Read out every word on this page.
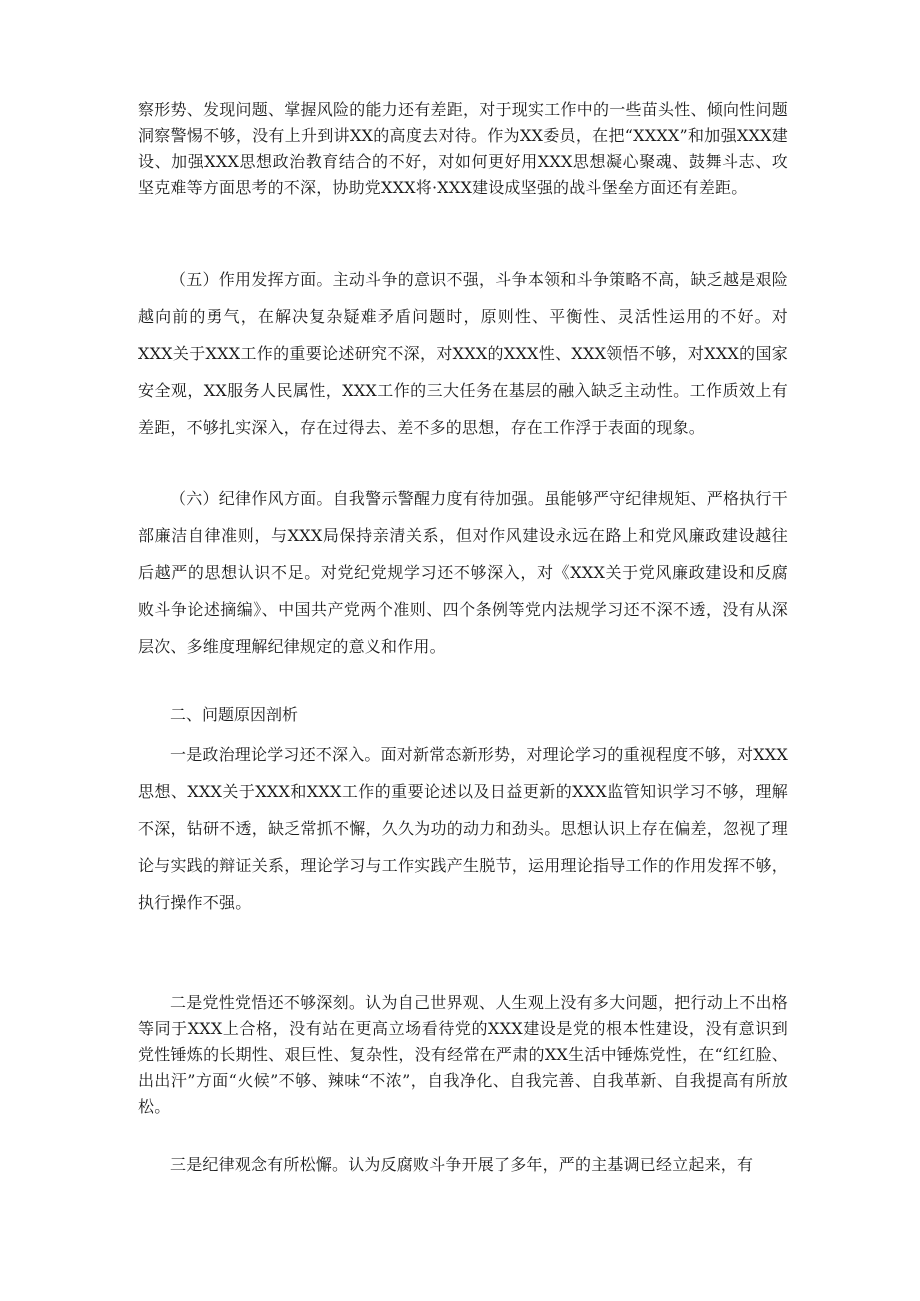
察形势、发现问题、掌握风险的能力还有差距，对于现实工作中的一些苗头性、倾向性问题洞察警惕不够，没有上升到讲XX的高度去对待。作为XX委员，在把“XXXX”和加强XXX建设、加强XXX思想政治教育结合的不好，对如何更好用XXX思想凝心聚魂、鼓舞斗志、攻坚克难等方面思考的不深，协助党XXX将·XXX建设成坚强的战斗堡垒方面还有差距。

（五）作用发挥方面。主动斗争的意识不强，斗争本领和斗争策略不高，缺乏越是艰险越向前的勇气，在解决复杂疑难矛盾问题时，原则性、平衡性、灵活性运用的不好。对XXX关于XXX工作的重要论述研究不深，对XXX的XXX性、XXX领悟不够，对XXX的国家安全观，XX服务人民属性，XXX工作的三大任务在基层的融入缺乏主动性。工作质效上有差距，不够扎实深入，存在过得去、差不多的思想，存在工作浮于表面的现象。

（六）纪律作风方面。自我警示警醒力度有待加强。虽能够严守纪律规矩、严格执行干部廉洁自律准则，与XXX局保持亲清关系，但对作风建设永远在路上和党风廉政建设越往后越严的思想认识不足。对党纪党规学习还不够深入，对《XXX关于党风廉政建设和反腐败斗争论述摘编》、中国共产党两个准则、四个条例等党内法规学习还不深不透，没有从深层次、多维度理解纪律规定的意义和作用。

二、问题原因剖析

一是政治理论学习还不深入。面对新常态新形势，对理论学习的重视程度不够，对XXX思想、XXX关于XXX和XXX工作的重要论述以及日益更新的XXX监管知识学习不够，理解不深，钻研不透，缺乏常抓不懈，久久为功的动力和劲头。思想认识上存在偏差，忽视了理论与实践的辩证关系，理论学习与工作实践产生脱节，运用理论指导工作的作用发挥不够，执行操作不强。

二是党性党悟还不够深刻。认为自己世界观、人生观上没有多大问题，把行动上不出格等同于XXX上合格，没有站在更高立场看待党的XXX建设是党的根本性建设，没有意识到党性锤炼的长期性、艰巨性、复杂性，没有经常在严肃的XX生活中锤炼党性，在“红红脸、出出汗”方面“火候”不够、辣味“不浓”，自我净化、自我完善、自我革新、自我提高有所放松。

三是纪律观念有所松懈。认为反腐败斗争开展了多年，严的主基调已经立起来，有
